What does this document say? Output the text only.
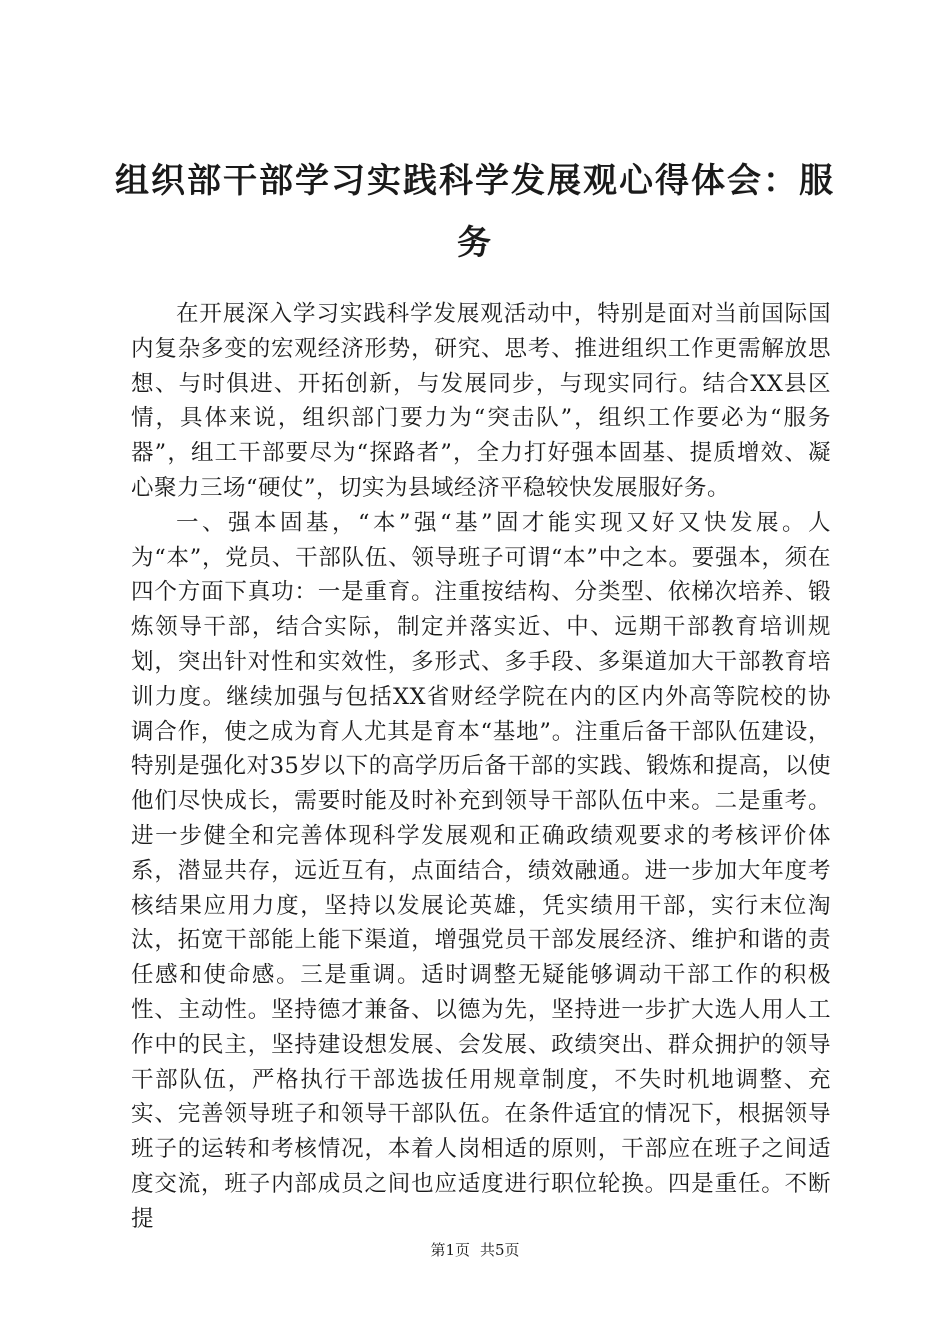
组织部干部学习实践科学发展观心得体会：服务

在开展深入学习实践科学发展观活动中，特别是面对当前国际国内复杂多变的宏观经济形势，研究、思考、推进组织工作更需解放思想、与时俱进、开拓创新，与发展同步，与现实同行。结合XX县区情，具体来说，组织部门要力为“突击队”，组织工作要必为“服务器”，组工干部要尽为“探路者”，全力打好强本固基、提质增效、凝心聚力三场“硬仗”，切实为县域经济平稳较快发展服好务。

一、强本固基，“本”强“基”固才能实现又好又快发展。人为“本”，党员、干部队伍、领导班子可谓“本”中之本。要强本，须在四个方面下真功：一是重育。注重按结构、分类型、依梯次培养、锻炼领导干部，结合实际，制定并落实近、中、远期干部教育培训规划，突出针对性和实效性，多形式、多手段、多渠道加大干部教育培训力度。继续加强与包括XX省财经学院在内的区内外高等院校的协调合作，使之成为育人尤其是育本“基地”。注重后备干部队伍建设，特别是强化对35岁以下的高学历后备干部的实践、锻炼和提高，以使他们尽快成长，需要时能及时补充到领导干部队伍中来。二是重考。进一步健全和完善体现科学发展观和正确政绩观要求的考核评价体系，潜显共存，远近互有，点面结合，绩效融通。进一步加大年度考核结果应用力度，坚持以发展论英雄，凭实绩用干部，实行末位淘汰，拓宽干部能上能下渠道，增强党员干部发展经济、维护和谐的责任感和使命感。三是重调。适时调整无疑能够调动干部工作的积极性、主动性。坚持德才兼备、以德为先，坚持进一步扩大选人用人工作中的民主，坚持建设想发展、会发展、政绩突出、群众拥护的领导干部队伍，严格执行干部选拔任用规章制度，不失时机地调整、充实、完善领导班子和领导干部队伍。在条件适宜的情况下，根据领导班子的运转和考核情况，本着人岗相适的原则，干部应在班子之间适度交流，班子内部成员之间也应适度进行职位轮换。四是重任。不断提

第1页 共5页
